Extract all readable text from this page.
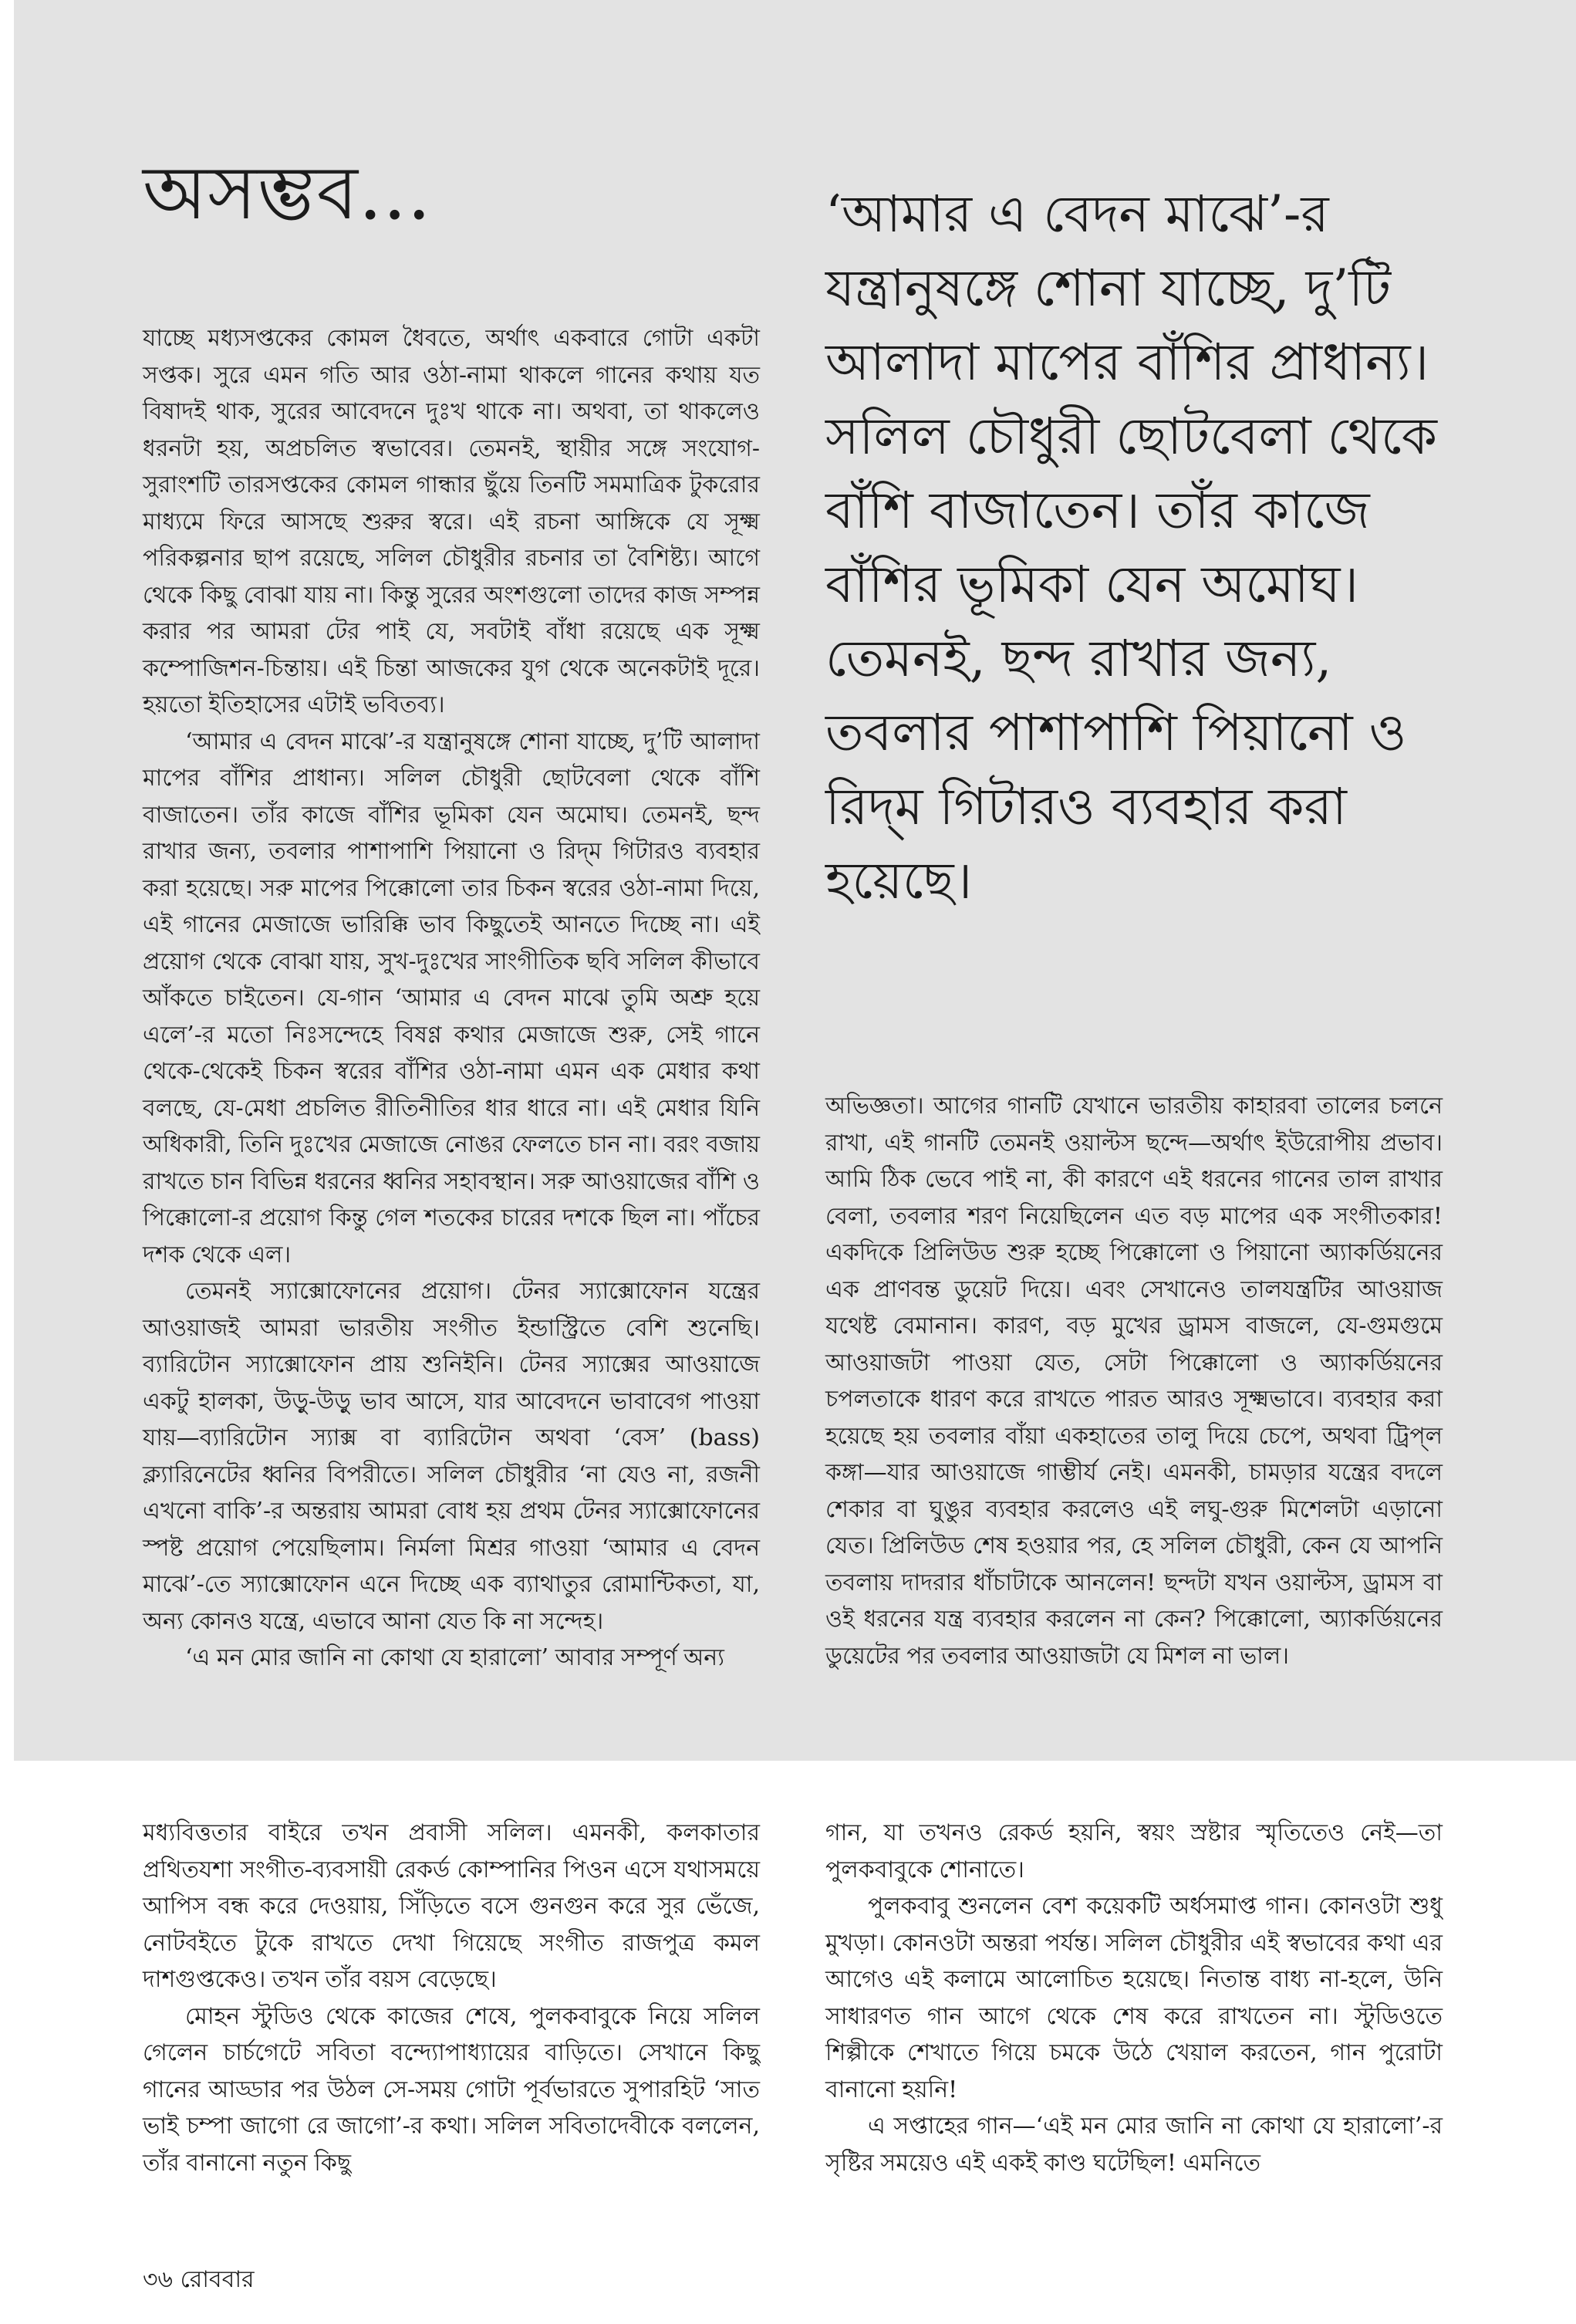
অসম্ভব...

যাচ্ছে মধ্যসপ্তকের কোমল ধৈবতে, অর্থাৎ একবারে গোটা একটা সপ্তক। সুরে এমন গতি আর ওঠা-নামা থাকলে গানের কথায় যত বিষাদই থাক, সুরের আবেদনে দুঃখ থাকে না। অথবা, তা থাকলেও ধরনটা হয়, অপ্রচলিত স্বভাবের। তেমনই, স্থায়ীর সঙ্গে সংযোগ-সুরাংশটি তারসপ্তকের কোমল গান্ধার ছুঁয়ে তিনটি সমমাত্রিক টুকরোর মাধ্যমে ফিরে আসছে শুরুর স্বরে। এই রচনা আঙ্গিকে যে সূক্ষ্ম পরিকল্পনার ছাপ রয়েছে, সলিল চৌধুরীর রচনার তা বৈশিষ্ট্য। আগে থেকে কিছু বোঝা যায় না। কিন্তু সুরের অংশগুলো তাদের কাজ সম্পন্ন করার পর আমরা টের পাই যে, সবটাই বাঁধা রয়েছে এক সূক্ষ্ম কম্পোজিশন-চিন্তায়। এই চিন্তা আজকের যুগ থেকে অনেকটাই দূরে। হয়তো ইতিহাসের এটাই ভবিতব্য।

‘আমার এ বেদন মাঝে’-র যন্ত্রানুষঙ্গে শোনা যাচ্ছে, দু’টি আলাদা মাপের বাঁশির প্রাধান্য। সলিল চৌধুরী ছোটবেলা থেকে বাঁশি বাজাতেন। তাঁর কাজে বাঁশির ভূমিকা যেন অমোঘ। তেমনই, ছন্দ রাখার জন্য, তবলার পাশাপাশি পিয়ানো ও রিদ্‌ম গিটারও ব্যবহার করা হয়েছে। সরু মাপের পিক্কোলো তার চিকন স্বরের ওঠা-নামা দিয়ে, এই গানের মেজাজে ভারিক্কি ভাব কিছুতেই আনতে দিচ্ছে না। এই প্রয়োগ থেকে বোঝা যায়, সুখ-দুঃখের সাংগীতিক ছবি সলিল কীভাবে আঁকতে চাইতেন। যে-গান ‘আমার এ বেদন মাঝে তুমি অশ্রু হয়ে এলে’-র মতো নিঃসন্দেহে বিষণ্ণ কথার মেজাজে শুরু, সেই গানে থেকে-থেকেই চিকন স্বরের বাঁশির ওঠা-নামা এমন এক মেধার কথা বলছে, যে-মেধা প্রচলিত রীতিনীতির ধার ধারে না। এই মেধার যিনি অধিকারী, তিনি দুঃখের মেজাজে নোঙর ফেলতে চান না। বরং বজায় রাখতে চান বিভিন্ন ধরনের ধ্বনির সহাবস্থান। সরু আওয়াজের বাঁশি ও পিক্কোলো-র প্রয়োগ কিন্তু গেল শতকের চারের দশকে ছিল না। পাঁচের দশক থেকে এল।

তেমনই স্যাক্সোফোনের প্রয়োগ। টেনর স্যাক্সোফোন যন্ত্রের আওয়াজই আমরা ভারতীয় সংগীত ইন্ডাস্ট্রিতে বেশি শুনেছি। ব্যারিটোন স্যাক্সোফোন প্রায় শুনিইনি। টেনর স্যাক্সের আওয়াজে একটু হালকা, উড়ু-উড়ু ভাব আসে, যার আবেদনে ভাবাবেগ পাওয়া যায়—ব্যারিটোন স্যাক্স বা ব্যারিটোন অথবা ‘বেস’ (bass) ক্ল্যারিনেটের ধ্বনির বিপরীতে। সলিল চৌধুরীর ‘না যেও না, রজনী এখনো বাকি’-র অন্তরায় আমরা বোধ হয় প্রথম টেনর স্যাক্সোফোনের স্পষ্ট প্রয়োগ পেয়েছিলাম। নির্মলা মিশ্রর গাওয়া ‘আমার এ বেদন মাঝে’-তে স্যাক্সোফোন এনে দিচ্ছে এক ব্যাথাতুর রোমান্টিকতা, যা, অন্য কোনও যন্ত্রে, এভাবে আনা যেত কি না সন্দেহ।

‘এ মন মোর জানি না কোথা যে হারালো’ আবার সম্পূর্ণ অন্য

‘আমার এ বেদন মাঝে’-র যন্ত্রানুষঙ্গে শোনা যাচ্ছে, দু’টি আলাদা মাপের বাঁশির প্রাধান্য। সলিল চৌধুরী ছোটবেলা থেকে বাঁশি বাজাতেন। তাঁর কাজে বাঁশির ভূমিকা যেন অমোঘ। তেমনই, ছন্দ রাখার জন্য, তবলার পাশাপাশি পিয়ানো ও রিদ্‌ম গিটারও ব্যবহার করা হয়েছে।

অভিজ্ঞতা। আগের গানটি যেখানে ভারতীয় কাহারবা তালের চলনে রাখা, এই গানটি তেমনই ওয়াল্টস ছন্দে—অর্থাৎ ইউরোপীয় প্রভাব। আমি ঠিক ভেবে পাই না, কী কারণে এই ধরনের গানের তাল রাখার বেলা, তবলার শরণ নিয়েছিলেন এত বড় মাপের এক সংগীতকার! একদিকে প্রিলিউড শুরু হচ্ছে পিক্কোলো ও পিয়ানো অ্যাকর্ডিয়নের এক প্রাণবন্ত ডুয়েট দিয়ে। এবং সেখানেও তালযন্ত্রটির আওয়াজ যথেষ্ট বেমানান। কারণ, বড় মুখের ড্রামস বাজলে, যে-গুমগুমে আওয়াজটা পাওয়া যেত, সেটা পিক্কোলো ও অ্যাকর্ডিয়নের চপলতাকে ধারণ করে রাখতে পারত আরও সূক্ষ্মভাবে। ব্যবহার করা হয়েছে হয় তবলার বাঁয়া একহাতের তালু দিয়ে চেপে, অথবা ট্রিপ্‌ল কঙ্গা—যার আওয়াজে গাম্ভীর্য নেই। এমনকী, চামড়ার যন্ত্রের বদলে শেকার বা ঘুঙুর ব্যবহার করলেও এই লঘু-গুরু মিশেলটা এড়ানো যেত। প্রিলিউড শেষ হওয়ার পর, হে সলিল চৌধুরী, কেন যে আপনি তবলায় দাদরার ধাঁচাটাকে আনলেন! ছন্দটা যখন ওয়াল্টস, ড্রামস বা ওই ধরনের যন্ত্র ব্যবহার করলেন না কেন? পিক্কোলো, অ্যাকর্ডিয়নের ডুয়েটের পর তবলার আওয়াজটা যে মিশল না ভাল।

মধ্যবিত্ততার বাইরে তখন প্রবাসী সলিল। এমনকী, কলকাতার প্রথিতযশা সংগীত-ব্যবসায়ী রেকর্ড কোম্পানির পিওন এসে যথাসময়ে আপিস বন্ধ করে দেওয়ায়, সিঁড়িতে বসে গুনগুন করে সুর ভেঁজে, নোটবইতে টুকে রাখতে দেখা গিয়েছে সংগীত রাজপুত্র কমল দাশগুপ্তকেও। তখন তাঁর বয়স বেড়েছে।

মোহন স্টুডিও থেকে কাজের শেষে, পুলকবাবুকে নিয়ে সলিল গেলেন চার্চগেটে সবিতা বন্দ্যোপাধ্যায়ের বাড়িতে। সেখানে কিছু গানের আড্ডার পর উঠল সে-সময় গোটা পূর্বভারতে সুপারহিট ‘সাত ভাই চম্পা জাগো রে জাগো’-র কথা। সলিল সবিতাদেবীকে বললেন, তাঁর বানানো নতুন কিছু

গান, যা তখনও রেকর্ড হয়নি, স্বয়ং স্রষ্টার স্মৃতিতেও নেই—তা পুলকবাবুকে শোনাতে।

পুলকবাবু শুনলেন বেশ কয়েকটি অর্ধসমাপ্ত গান। কোনওটা শুধু মুখড়া। কোনওটা অন্তরা পর্যন্ত। সলিল চৌধুরীর এই স্বভাবের কথা এর আগেও এই কলামে আলোচিত হয়েছে। নিতান্ত বাধ্য না-হলে, উনি সাধারণত গান আগে থেকে শেষ করে রাখতেন না। স্টুডিওতে শিল্পীকে শেখাতে গিয়ে চমকে উঠে খেয়াল করতেন, গান পুরোটা বানানো হয়নি!

এ সপ্তাহের গান—‘এই মন মোর জানি না কোথা যে হারালো’-র সৃষ্টির সময়েও এই একই কাণ্ড ঘটেছিল! এমনিতে

৩৬ রোববার
